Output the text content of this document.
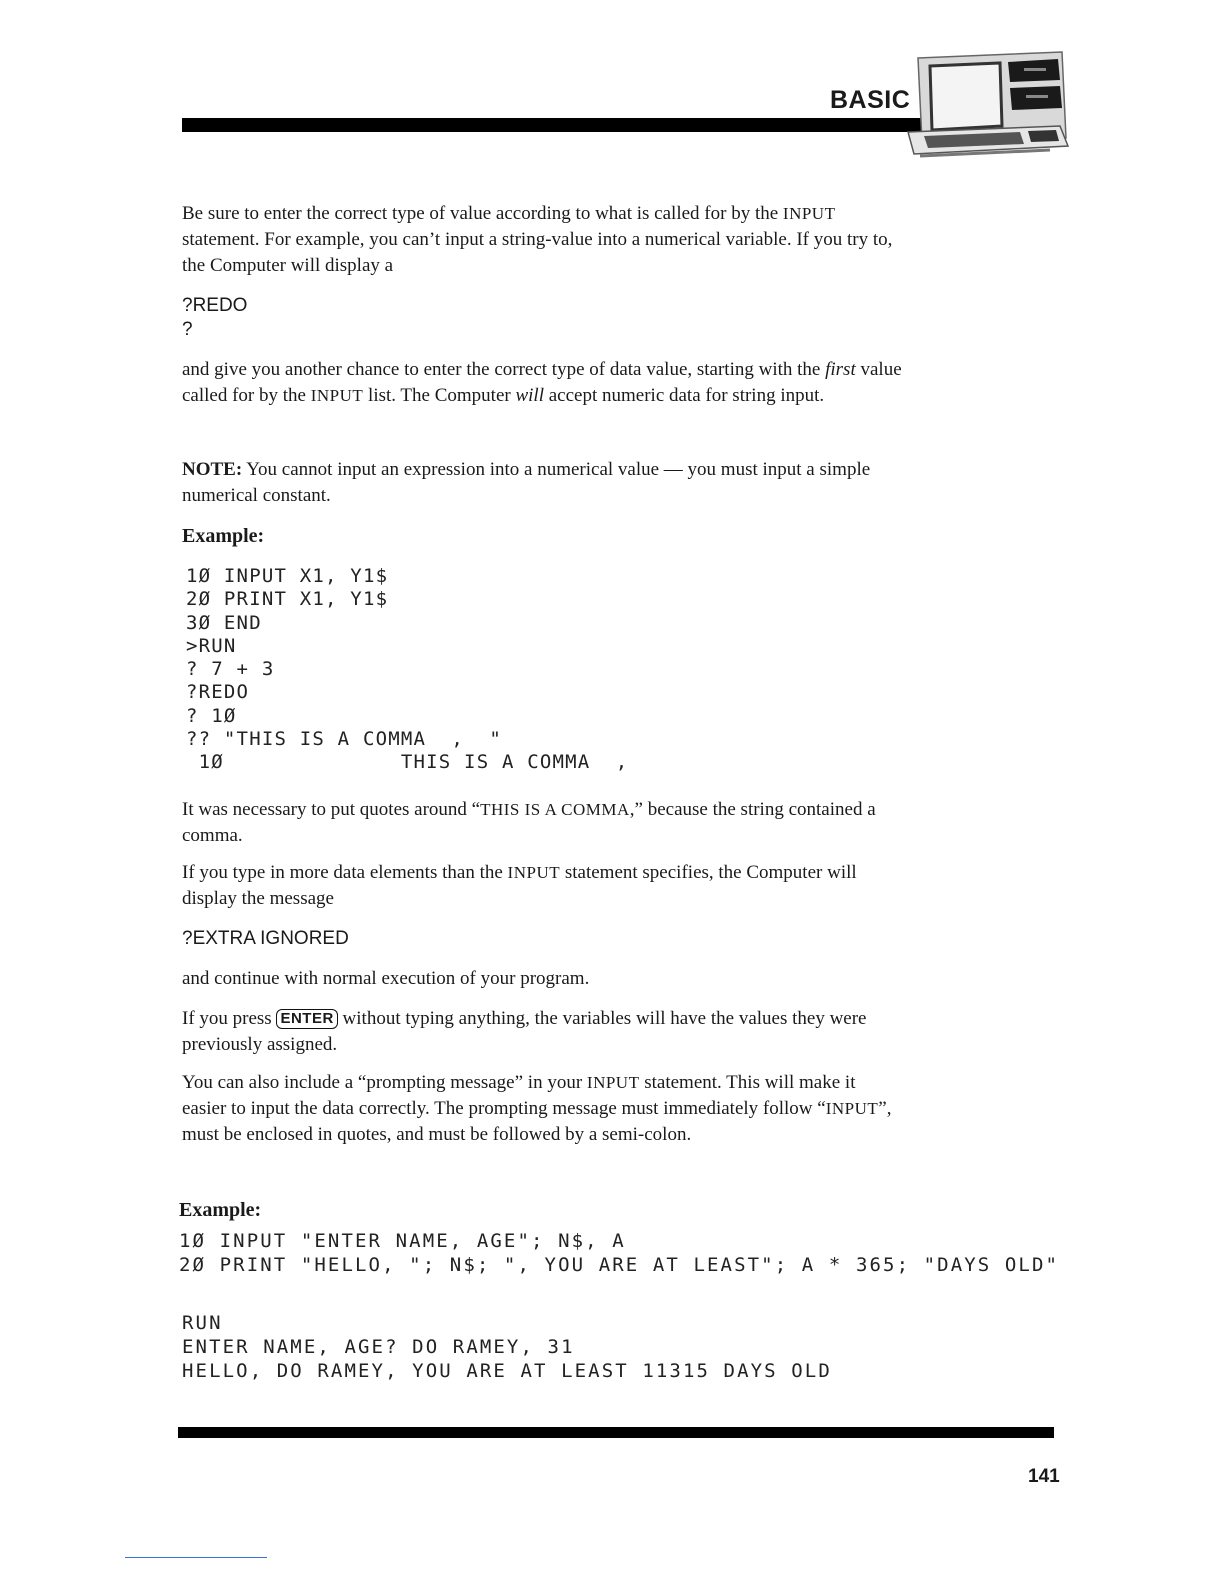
BASIC
Be sure to enter the correct type of value according to what is called for by the INPUT statement. For example, you can’t input a string-value into a numerical variable. If you try to, the Computer will display a
?REDO
?
and give you another chance to enter the correct type of data value, starting with the first value called for by the INPUT list. The Computer will accept numeric data for string input.
NOTE: You cannot input an expression into a numerical value — you must input a simple numerical constant.
Example:
1Ø INPUT X1, Y1$
2Ø PRINT X1, Y1$
3Ø END
>RUN
? 7 + 3
?REDO
? 1Ø
?? "THIS IS A COMMA  ,  "
1Ø              THIS IS A COMMA  ,
It was necessary to put quotes around “THIS IS A COMMA,” because the string contained a comma.
If you type in more data elements than the INPUT statement specifies, the Computer will display the message
?EXTRA IGNORED
and continue with normal execution of your program.
If you press ENTER without typing anything, the variables will have the values they were previously assigned.
You can also include a “prompting message” in your INPUT statement. This will make it easier to input the data correctly. The prompting message must immediately follow “INPUT”, must be enclosed in quotes, and must be followed by a semi-colon.
Example:
1Ø INPUT "ENTER NAME, AGE"; N$, A
2Ø PRINT "HELLO, "; N$; ", YOU ARE AT LEAST"; A * 365; "DAYS OLD"
RUN
ENTER NAME, AGE? DO RAMEY, 31
HELLO, DO RAMEY, YOU ARE AT LEAST 11315 DAYS OLD
141
